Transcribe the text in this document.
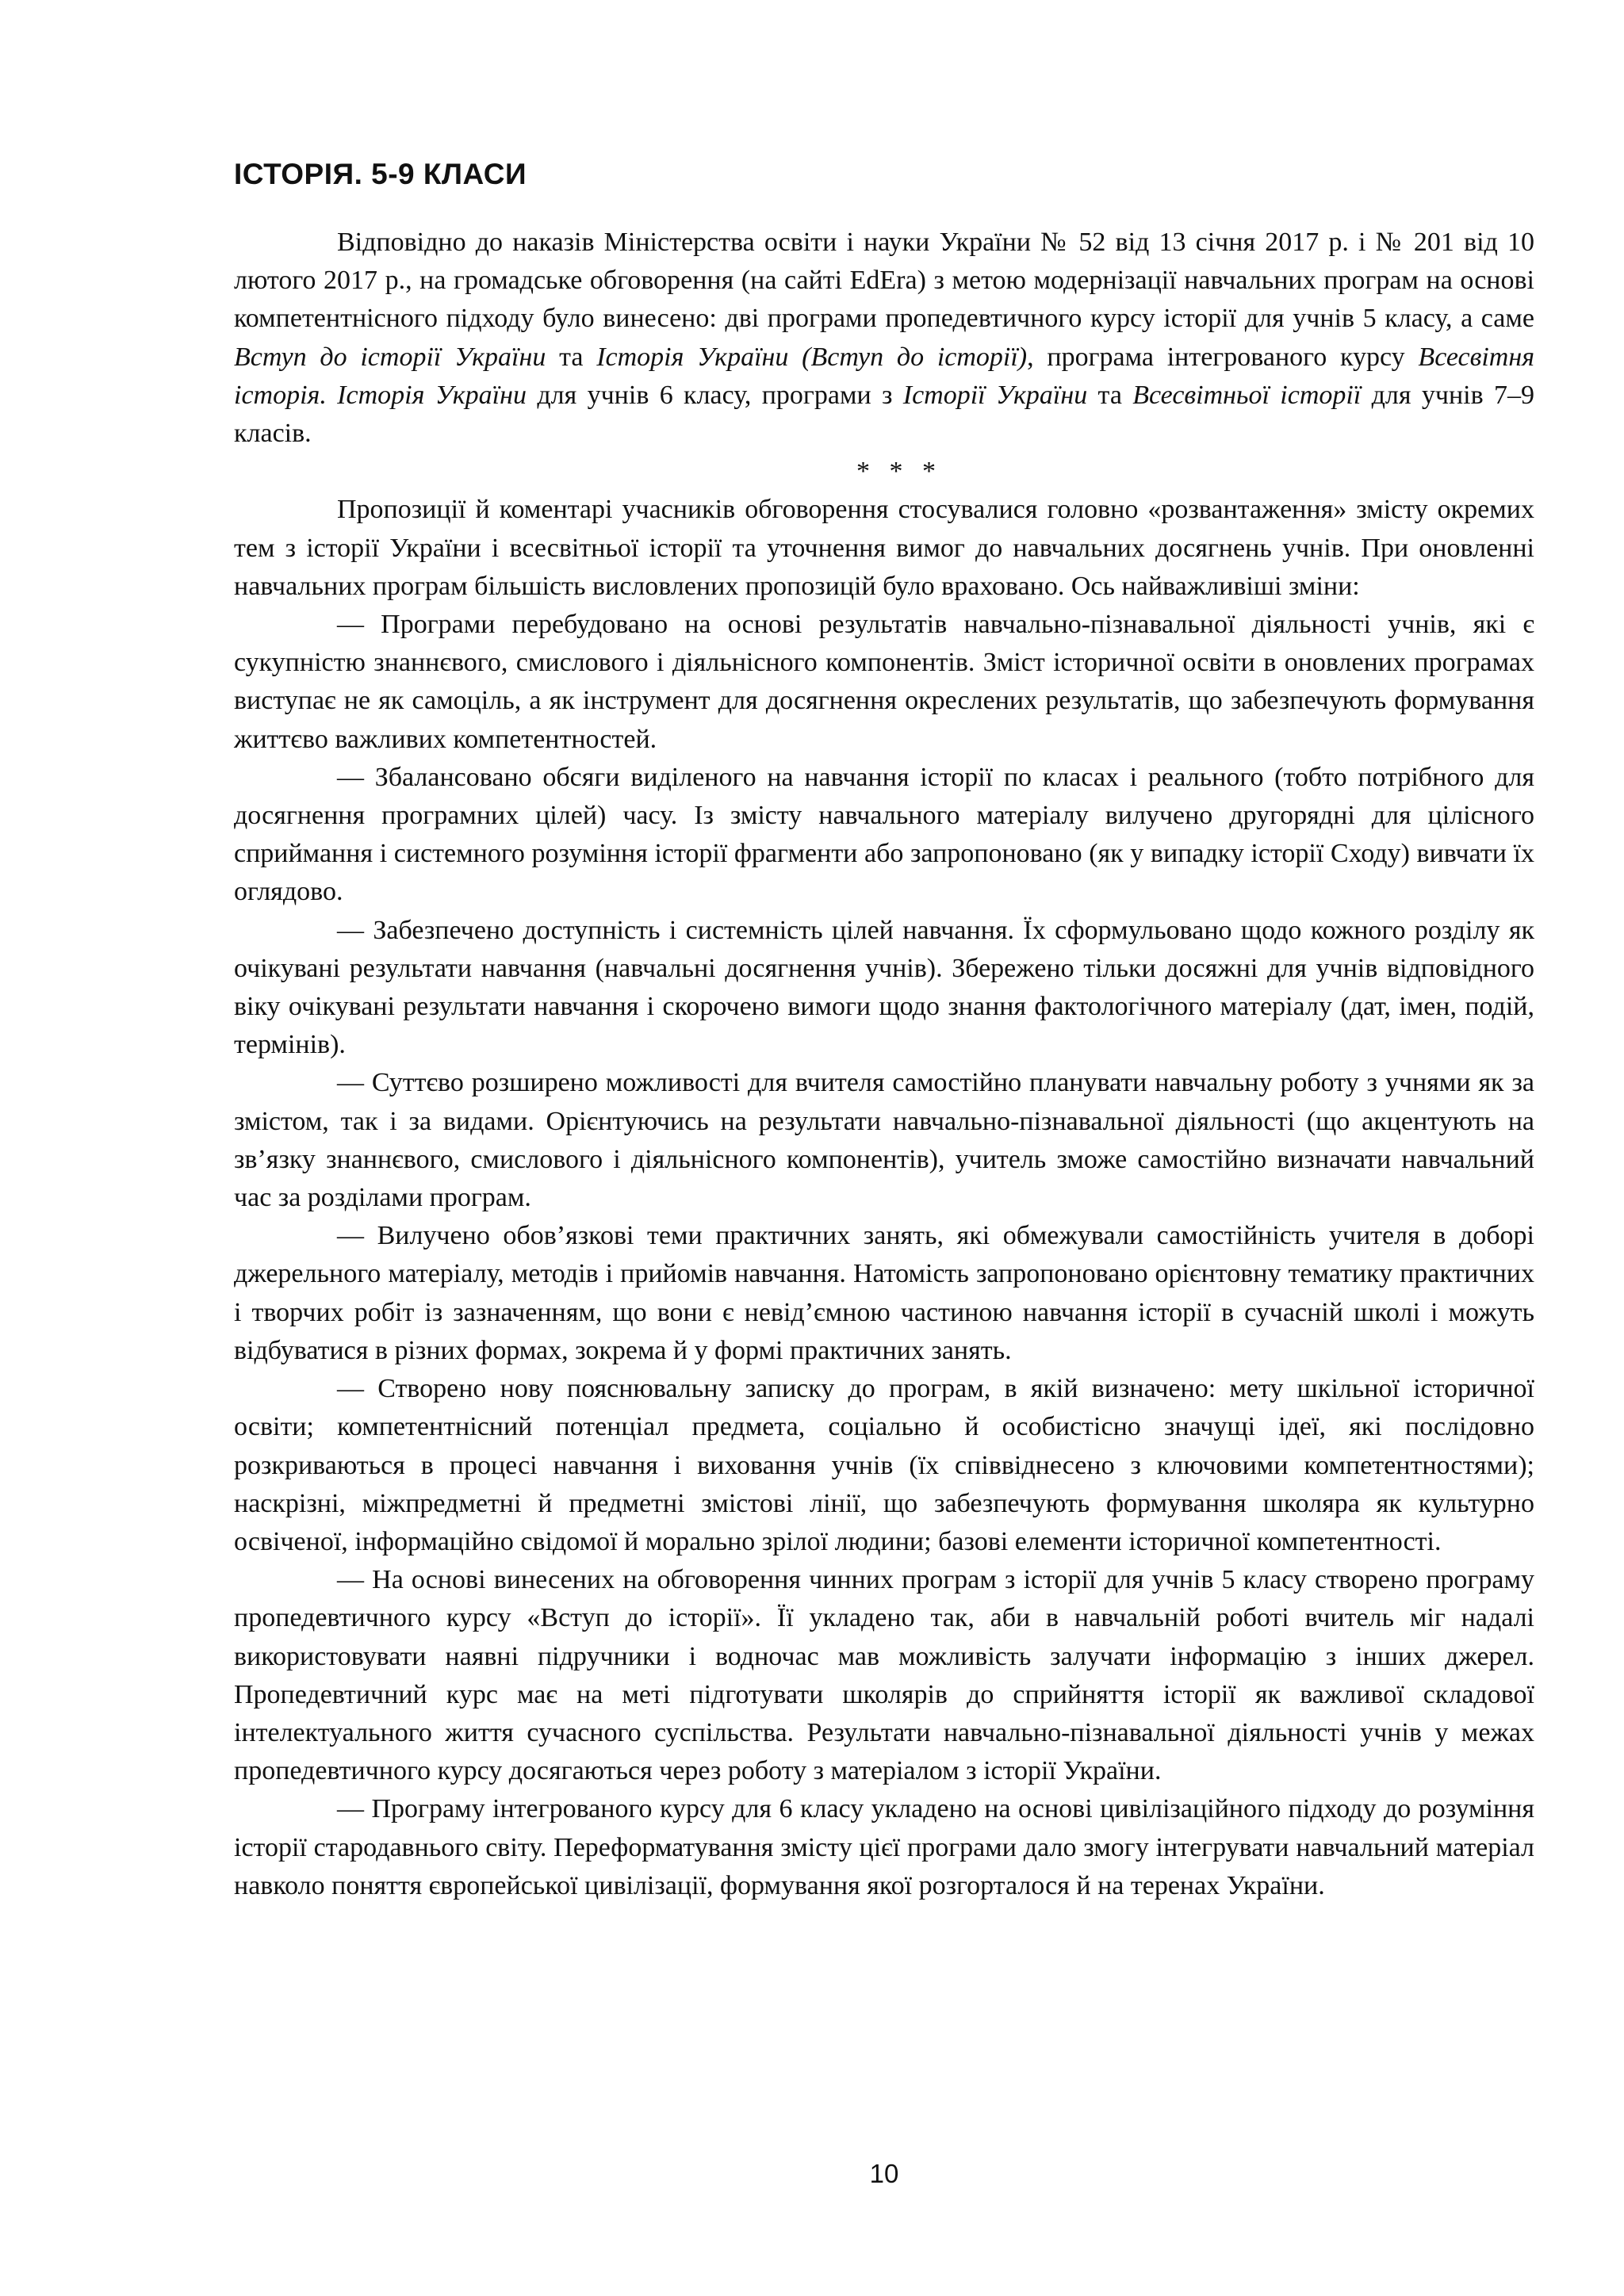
ІСТОРІЯ. 5-9 КЛАСИ

Відповідно до наказів Міністерства освіти і науки України № 52 від 13 січня 2017 р. і № 201 від 10 лютого 2017 р., на громадське обговорення (на сайті EdEra) з метою модернізації навчальних програм на основі компетентнісного підходу було винесено: дві програми пропедевтичного курсу історії для учнів 5 класу, а саме Вступ до історії України та Історія України (Вступ до історії), програма інтегрованого курсу Всесвітня історія. Історія України для учнів 6 класу, програми з Історії України та Всесвітньої історії для учнів 7–9 класів.

* * *

Пропозиції й коментарі учасників обговорення стосувалися головно «розвантаження» змісту окремих тем з історії України і всесвітньої історії та уточнення вимог до навчальних досягнень учнів. При оновленні навчальних програм більшість висловлених пропозицій було враховано. Ось найважливіші зміни:

— Програми перебудовано на основі результатів навчально-пізнавальної діяльності учнів, які є сукупністю знаннєвого, смислового і діяльнісного компонентів. Зміст історичної освіти в оновлених програмах виступає не як самоціль, а як інструмент для досягнення окреслених результатів, що забезпечують формування життєво важливих компетентностей.

— Збалансовано обсяги виділеного на навчання історії по класах і реального (тобто потрібного для досягнення програмних цілей) часу. Із змісту навчального матеріалу вилучено другорядні для цілісного сприймання і системного розуміння історії фрагменти або запропоновано (як у випадку історії Сходу) вивчати їх оглядово.

— Забезпечено доступність і системність цілей навчання. Їх сформульовано щодо кожного розділу як очікувані результати навчання (навчальні досягнення учнів). Збережено тільки досяжні для учнів відповідного віку очікувані результати навчання і скорочено вимоги щодо знання фактологічного матеріалу (дат, імен, подій, термінів).

— Суттєво розширено можливості для вчителя самостійно планувати навчальну роботу з учнями як за змістом, так і за видами. Орієнтуючись на результати навчально-пізнавальної діяльності (що акцентують на зв’язку знаннєвого, смислового і діяльнісного компонентів), учитель зможе самостійно визначати навчальний час за розділами програм.

— Вилучено обов’язкові теми практичних занять, які обмежували самостійність учителя в доборі джерельного матеріалу, методів і прийомів навчання. Натомість запропоновано орієнтовну тематику практичних і творчих робіт із зазначенням, що вони є невід’ємною частиною навчання історії в сучасній школі і можуть відбуватися в різних формах, зокрема й у формі практичних занять.

— Створено нову пояснювальну записку до програм, в якій визначено: мету шкільної історичної освіти; компетентнісний потенціал предмета, соціально й особистісно значущі ідеї, які послідовно розкриваються в процесі навчання і виховання учнів (їх співвіднесено з ключовими компетентностями); наскрізні, міжпредметні й предметні змістові лінії, що забезпечують формування школяра як культурно освіченої, інформаційно свідомої й морально зрілої людини; базові елементи історичної компетентності.

— На основі винесених на обговорення чинних програм з історії для учнів 5 класу створено програму пропедевтичного курсу «Вступ до історії». Її укладено так, аби в навчальній роботі вчитель міг надалі використовувати наявні підручники і водночас мав можливість залучати інформацію з інших джерел. Пропедевтичний курс має на меті підготувати школярів до сприйняття історії як важливої складової інтелектуального життя сучасного суспільства. Результати навчально-пізнавальної діяльності учнів у межах пропедевтичного курсу досягаються через роботу з матеріалом з історії України.

— Програму інтегрованого курсу для 6 класу укладено на основі цивілізаційного підходу до розуміння історії стародавнього світу. Переформатування змісту цієї програми дало змогу інтегрувати навчальний матеріал навколо поняття європейської цивілізації, формування якої розгорталося й на теренах України.

10
